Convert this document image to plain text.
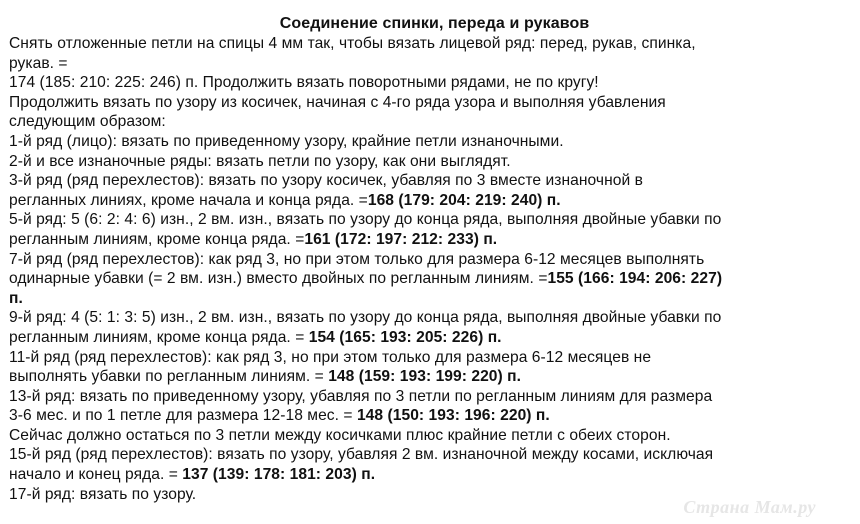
Соединение спинки, переда и рукавов
Снять отложенные петли на спицы 4 мм так, чтобы вязать лицевой ряд: перед, рукав, спинка,
рукав. =
174 (185: 210: 225: 246) п. Продолжить вязать поворотными рядами, не по кругу!
Продолжить вязать по узору из косичек, начиная с 4-го ряда узора и выполняя убавления
следующим образом:
1-й ряд (лицо): вязать по приведенному узору, крайние петли изнаночными.
2-й и все изнаночные ряды: вязать петли по узору, как они выглядят.
3-й ряд (ряд перехлестов): вязать по узору косичек, убавляя по 3 вместе изнаночной в
регланных линиях, кроме начала и конца ряда. =168 (179: 204: 219: 240) п.
5-й ряд: 5 (6: 2: 4: 6) изн., 2 вм. изн., вязать по узору до конца ряда, выполняя двойные убавки по
регланным линиям, кроме конца ряда. =161 (172: 197: 212: 233) п.
7-й ряд (ряд перехлестов): как ряд 3, но при этом только для размера 6-12 месяцев выполнять
одинарные убавки (= 2 вм. изн.) вместо двойных по регланным линиям. =155 (166: 194: 206: 227)
п.
9-й ряд: 4 (5: 1: 3: 5) изн., 2 вм. изн., вязать по узору до конца ряда, выполняя двойные убавки по
регланным линиям, кроме конца ряда. = 154 (165: 193: 205: 226) п.
11-й ряд (ряд перехлестов): как ряд 3, но при этом только для размера 6-12 месяцев не
выполнять убавки по регланным линиям. = 148 (159: 193: 199: 220) п.
13-й ряд: вязать по приведенному узору, убавляя по 3 петли по регланным линиям для размера
3-6 мес. и по 1 петле для размера 12-18 мес. = 148 (150: 193: 196: 220) п.
Сейчас должно остаться по 3 петли между косичками плюс крайние петли с обеих сторон.
15-й ряд (ряд перехлестов): вязать по узору, убавляя 2 вм. изнаночной между косами, исключая
начало и конец ряда. = 137 (139: 178: 181: 203) п.
17-й ряд: вязать по узору.
Страна Мам.ру
